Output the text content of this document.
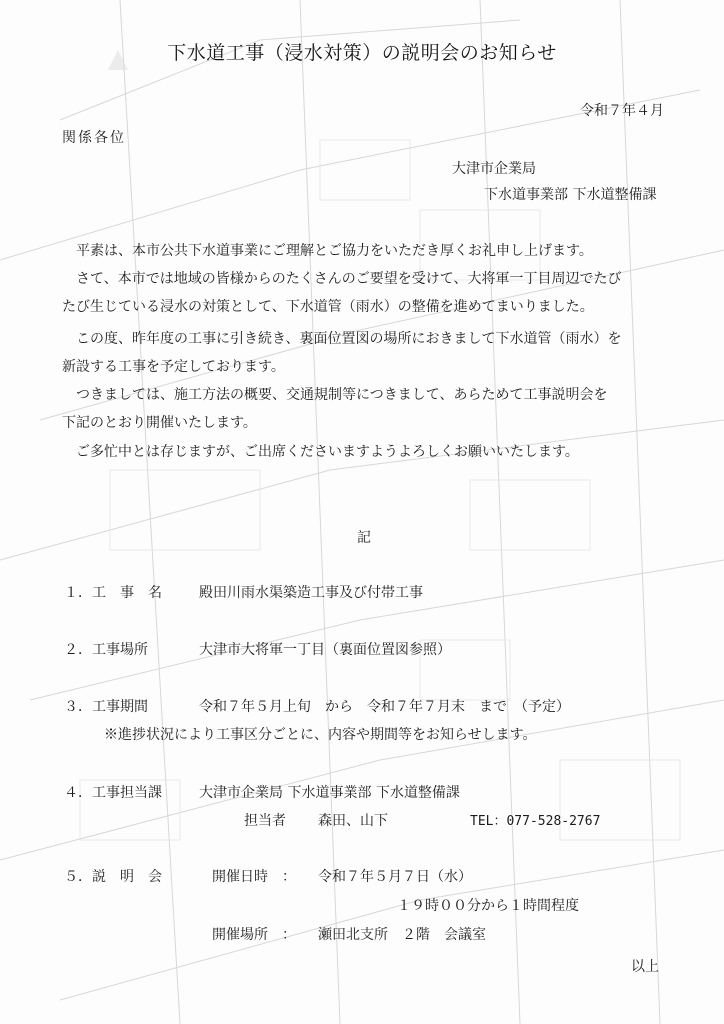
下水道工事（浸水対策）の説明会のお知らせ
令和７年４月
関係各位
大津市企業局
下水道事業部 下水道整備課
平素は、本市公共下水道事業にご理解とご協力をいただき厚くお礼申し上げます。
さて、本市では地域の皆様からのたくさんのご要望を受けて、大将軍一丁目周辺でたび
たび生じている浸水の対策として、下水道管（雨水）の整備を進めてまいりました。
この度、昨年度の工事に引き続き、裏面位置図の場所におきまして下水道管（雨水）を
新設する工事を予定しております。
つきましては、施工方法の概要、交通規制等につきまして、あらためて工事説明会を
下記のとおり開催いたします。
ご多忙中とは存じますが、ご出席くださいますようよろしくお願いいたします。
記
１．工　事　名	殿田川雨水渠築造工事及び付帯工事
２．工事場所	大津市大将軍一丁目（裏面位置図参照）
３．工事期間	令和７年５月上旬　から　令和７年７月末　まで　（予定）
※進捗状況により工事区分ごとに、内容や期間等をお知らせします。
４．工事担当課	大津市企業局 下水道事業部 下水道整備課
担当者 森田、山下	TEL：077-528-2767
５．説　明　会	開催日時　： 令和７年５月７日（水）
１９時００分から１時間程度
開催場所　： 瀬田北支所　２階　会議室
以上
